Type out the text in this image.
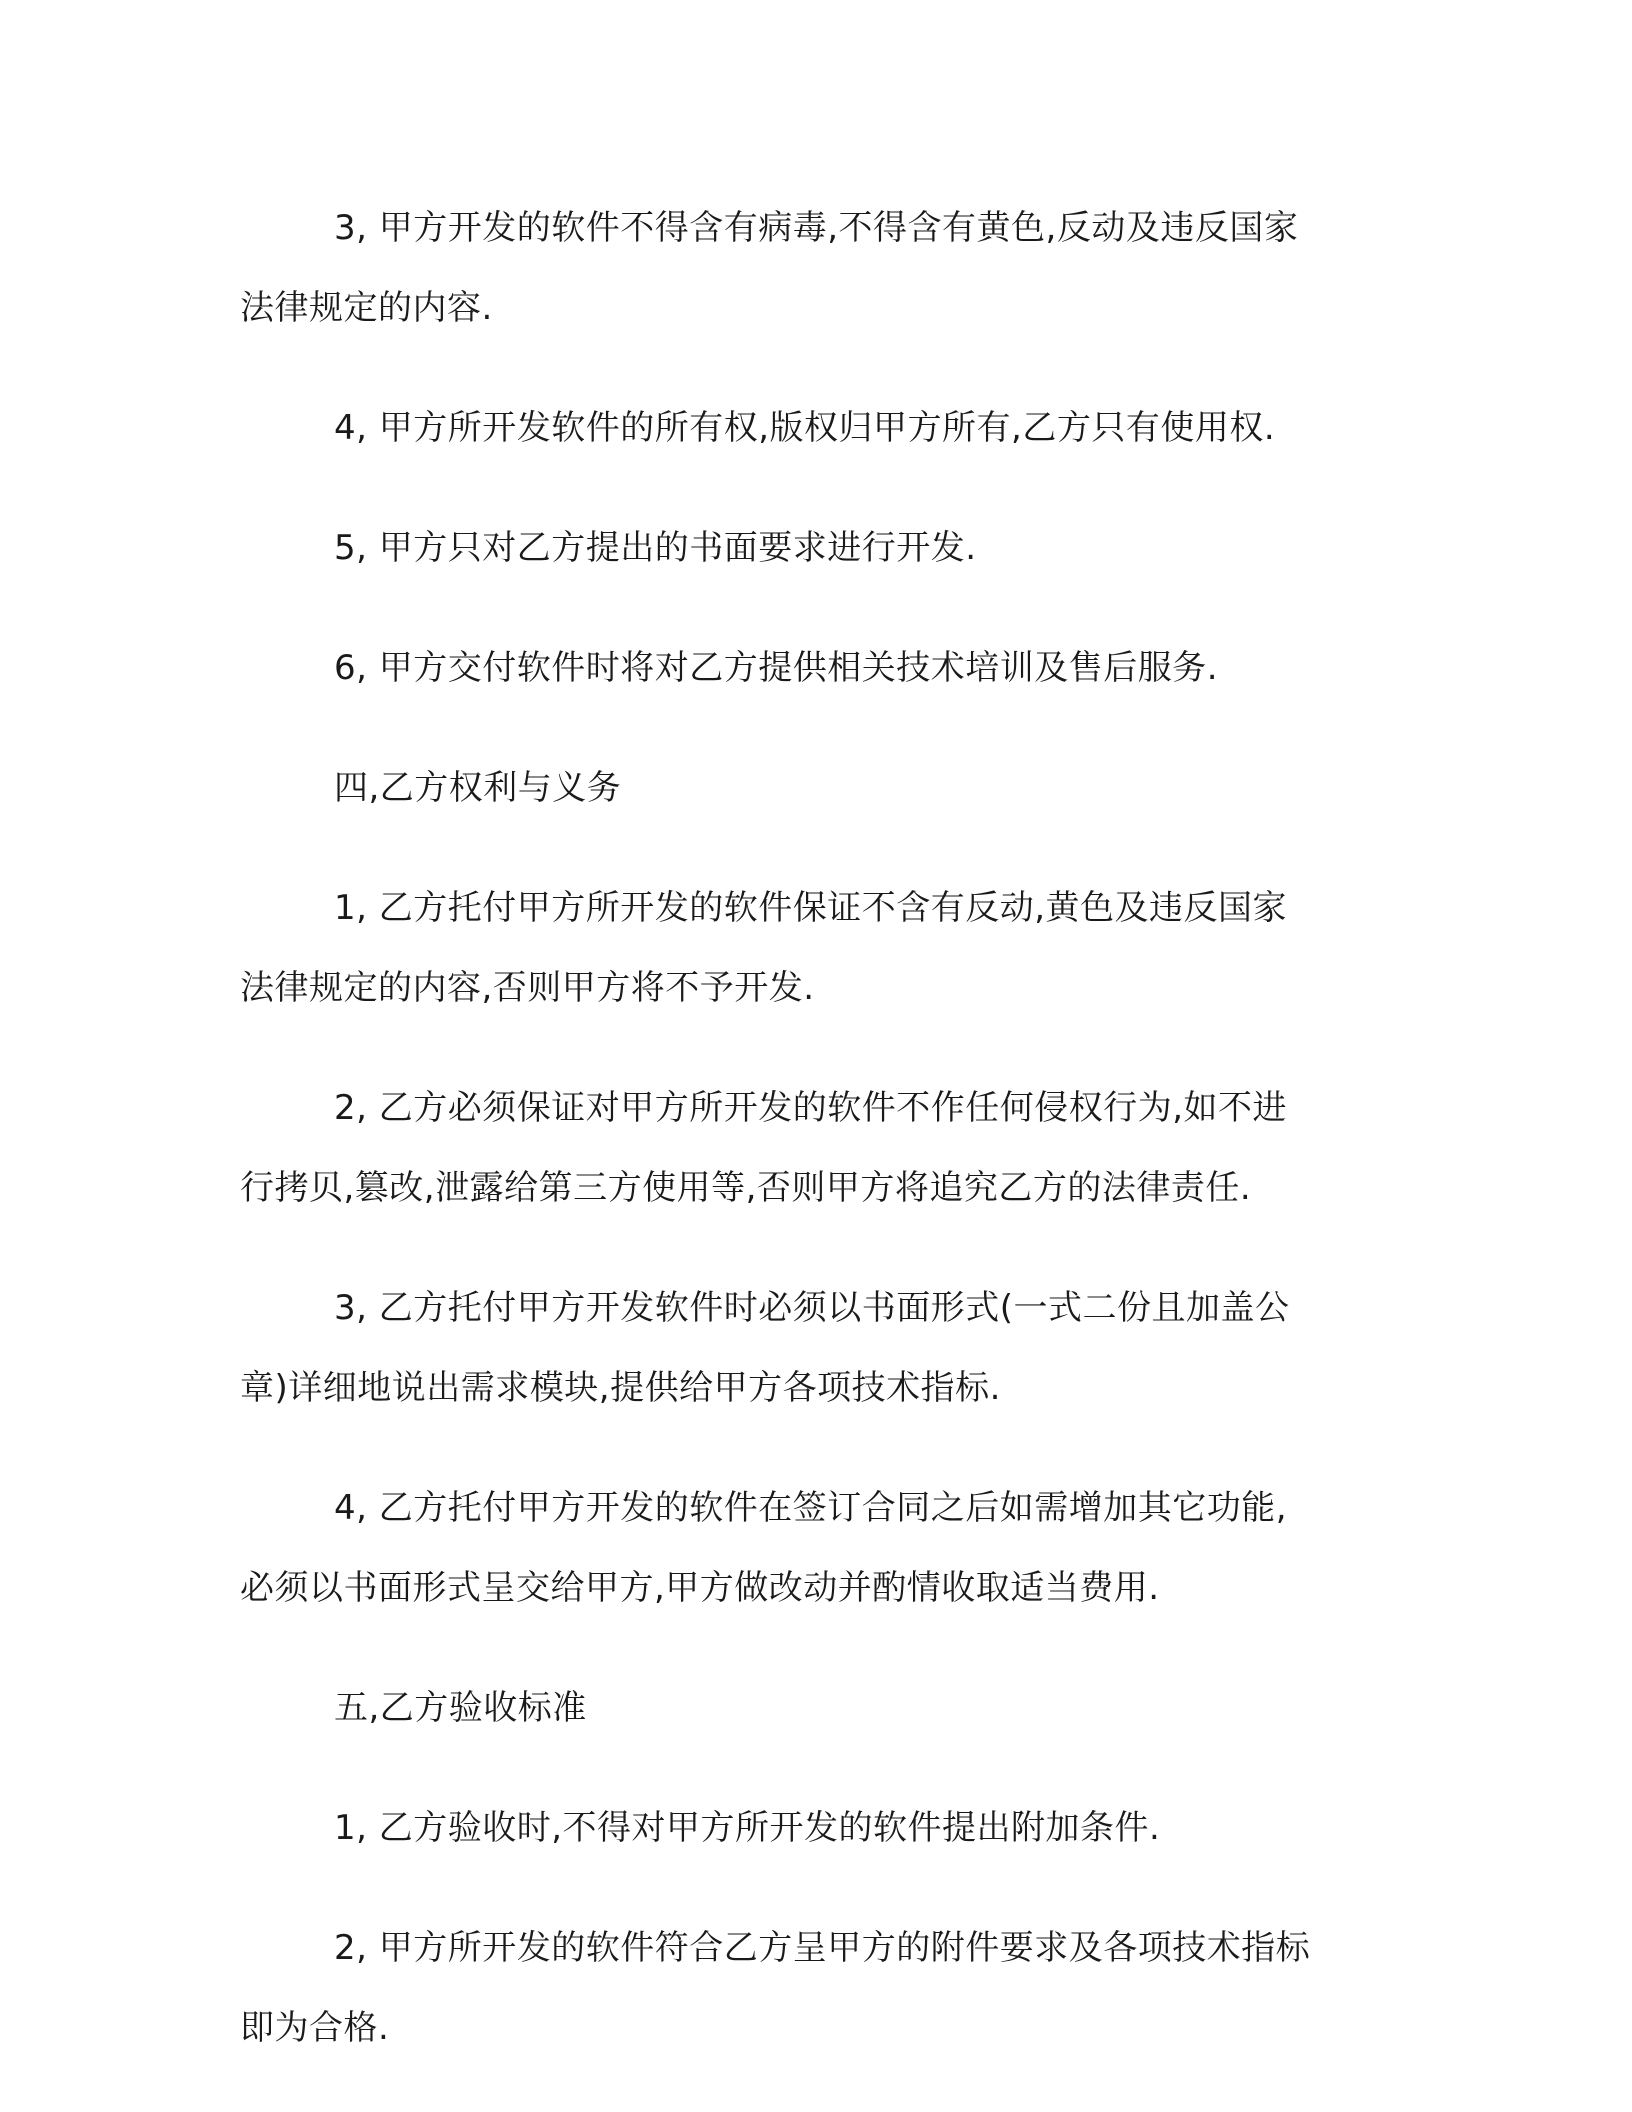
3, 甲方开发的软件不得含有病毒,不得含有黄色,反动及违反国家
法律规定的内容.

4, 甲方所开发软件的所有权,版权归甲方所有,乙方只有使用权.

5, 甲方只对乙方提出的书面要求进行开发.

6, 甲方交付软件时将对乙方提供相关技术培训及售后服务.

四,乙方权利与义务

1, 乙方托付甲方所开发的软件保证不含有反动,黄色及违反国家
法律规定的内容,否则甲方将不予开发.

2, 乙方必须保证对甲方所开发的软件不作任何侵权行为,如不进
行拷贝,篡改,泄露给第三方使用等,否则甲方将追究乙方的法律责任.

3, 乙方托付甲方开发软件时必须以书面形式(一式二份且加盖公
章)详细地说出需求模块,提供给甲方各项技术指标.

4, 乙方托付甲方开发的软件在签订合同之后如需增加其它功能,
必须以书面形式呈交给甲方,甲方做改动并酌情收取适当费用.

五,乙方验收标准

1, 乙方验收时,不得对甲方所开发的软件提出附加条件.

2, 甲方所开发的软件符合乙方呈甲方的附件要求及各项技术指标
即为合格.
